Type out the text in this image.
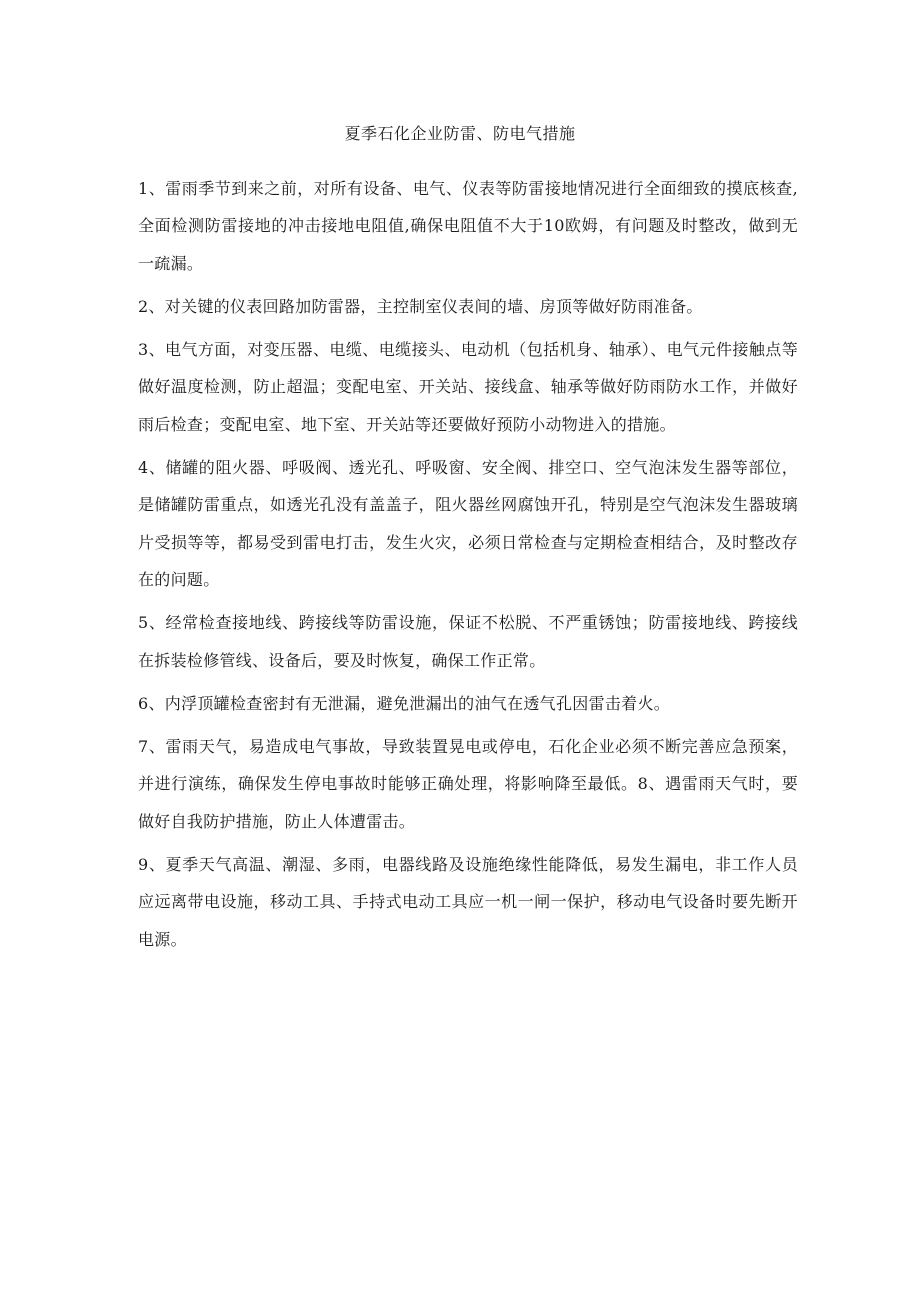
夏季石化企业防雷、防电气措施

1、雷雨季节到来之前，对所有设备、电气、仪表等防雷接地情况进行全面细致的摸底核查,全面检测防雷接地的冲击接地电阻值,确保电阻值不大于10欧姆，有问题及时整改，做到无一疏漏。

2、对关键的仪表回路加防雷器，主控制室仪表间的墙、房顶等做好防雨准备。

3、电气方面，对变压器、电缆、电缆接头、电动机（包括机身、轴承）、电气元件接触点等做好温度检测，防止超温；变配电室、开关站、接线盒、轴承等做好防雨防水工作，并做好雨后检查；变配电室、地下室、开关站等还要做好预防小动物进入的措施。

4、储罐的阻火器、呼吸阀、透光孔、呼吸窗、安全阀、排空口、空气泡沫发生器等部位，是储罐防雷重点，如透光孔没有盖盖子，阻火器丝网腐蚀开孔，特别是空气泡沫发生器玻璃片受损等等，都易受到雷电打击，发生火灾，必须日常检查与定期检查相结合，及时整改存在的问题。

5、经常检查接地线、跨接线等防雷设施，保证不松脱、不严重锈蚀；防雷接地线、跨接线在拆装检修管线、设备后，要及时恢复，确保工作正常。

6、内浮顶罐检查密封有无泄漏，避免泄漏出的油气在透气孔因雷击着火。

7、雷雨天气，易造成电气事故，导致装置晃电或停电，石化企业必须不断完善应急预案，并进行演练，确保发生停电事故时能够正确处理，将影响降至最低。8、遇雷雨天气时，要做好自我防护措施，防止人体遭雷击。

9、夏季天气高温、潮湿、多雨，电器线路及设施绝缘性能降低，易发生漏电，非工作人员应远离带电设施，移动工具、手持式电动工具应一机一闸一保护，移动电气设备时要先断开电源。
